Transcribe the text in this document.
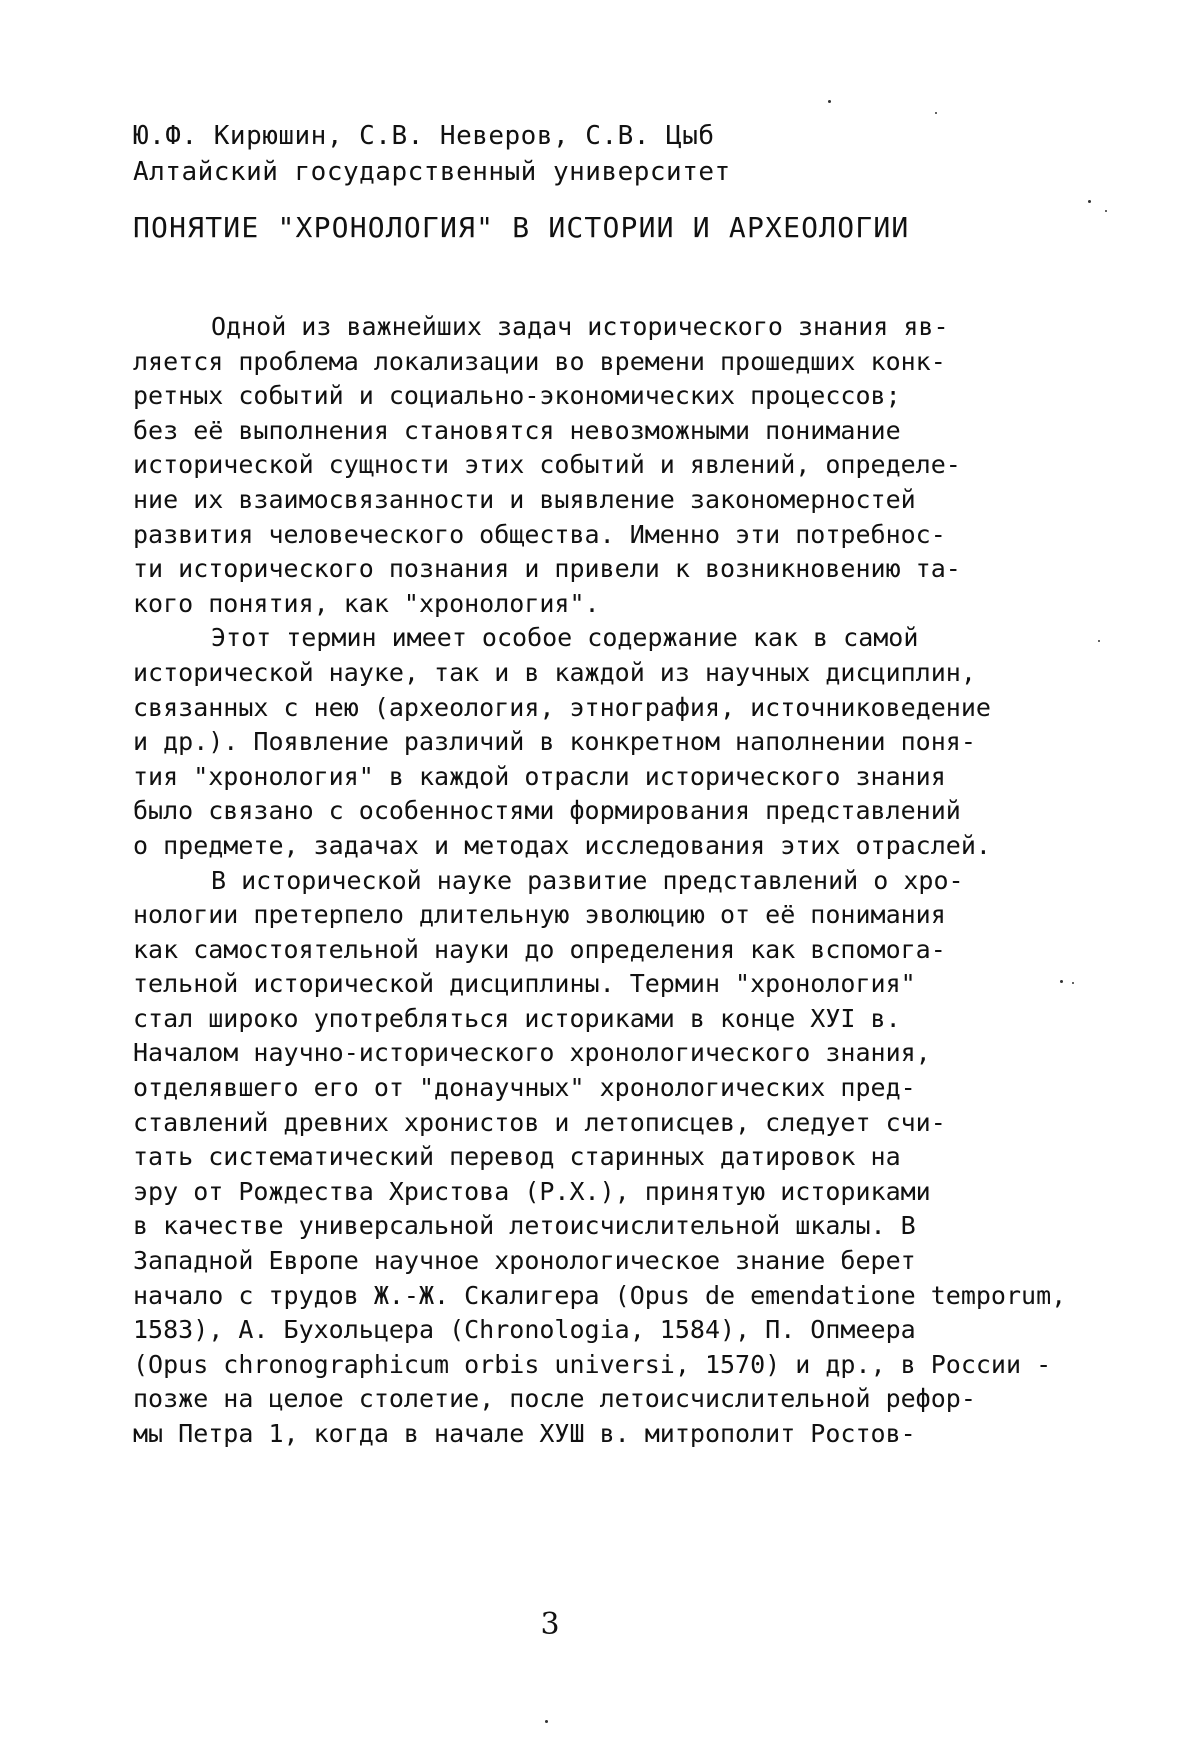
Ю.Ф. Кирюшин, С.В. Неверов, С.В. Цыб
Алтайский государственный университет
ПОНЯТИЕ "ХРОНОЛОГИЯ" В ИСТОРИИ И АРХЕОЛОГИИ
Одной из важнейших задач исторического знания яв-
ляется проблема локализации во времени прошедших конк-
ретных событий и социально-экономических процессов;
без её выполнения становятся невозможными понимание
исторической сущности этих событий и явлений, определе-
ние их взаимосвязанности и выявление закономерностей
развития человеческого общества. Именно эти потребнос-
ти исторического познания и привели к возникновению та-
кого понятия, как "хронология".
Этот термин имеет особое содержание как в самой
исторической науке, так и в каждой из научных дисциплин,
связанных с нею (археология, этнография, источниковедение
и др.). Появление различий в конкретном наполнении поня-
тия "хронология" в каждой отрасли исторического знания
было связано с особенностями формирования представлений
о предмете, задачах и методах исследования этих отраслей.
В исторической науке развитие представлений о хро-
нологии претерпело длительную эволюцию от её понимания
как самостоятельной науки до определения как вспомога-
тельной исторической дисциплины. Термин "хронология"
стал широко употребляться историками в конце ХУI в.
Началом научно-исторического хронологического знания,
отделявшего его от "донаучных" хронологических пред-
ставлений древних хронистов и летописцев, следует счи-
тать систематический перевод старинных датировок на
эру от Рождества Христова (Р.Х.), принятую историками
в качестве универсальной летоисчислительной шкалы. В
Западной Европе научное хронологическое знание берет
начало с трудов Ж.-Ж. Скалигера (Opus de emendatione temporum,
1583), А. Бухольцера (Chronologia, 1584), П. Опмеера
(Opus chronographicum orbis universi, 1570) и др., в России -
позже на целое столетие, после летоисчислительной рефор-
мы Петра 1, когда в начале ХУШ в. митрополит Ростов-
3
